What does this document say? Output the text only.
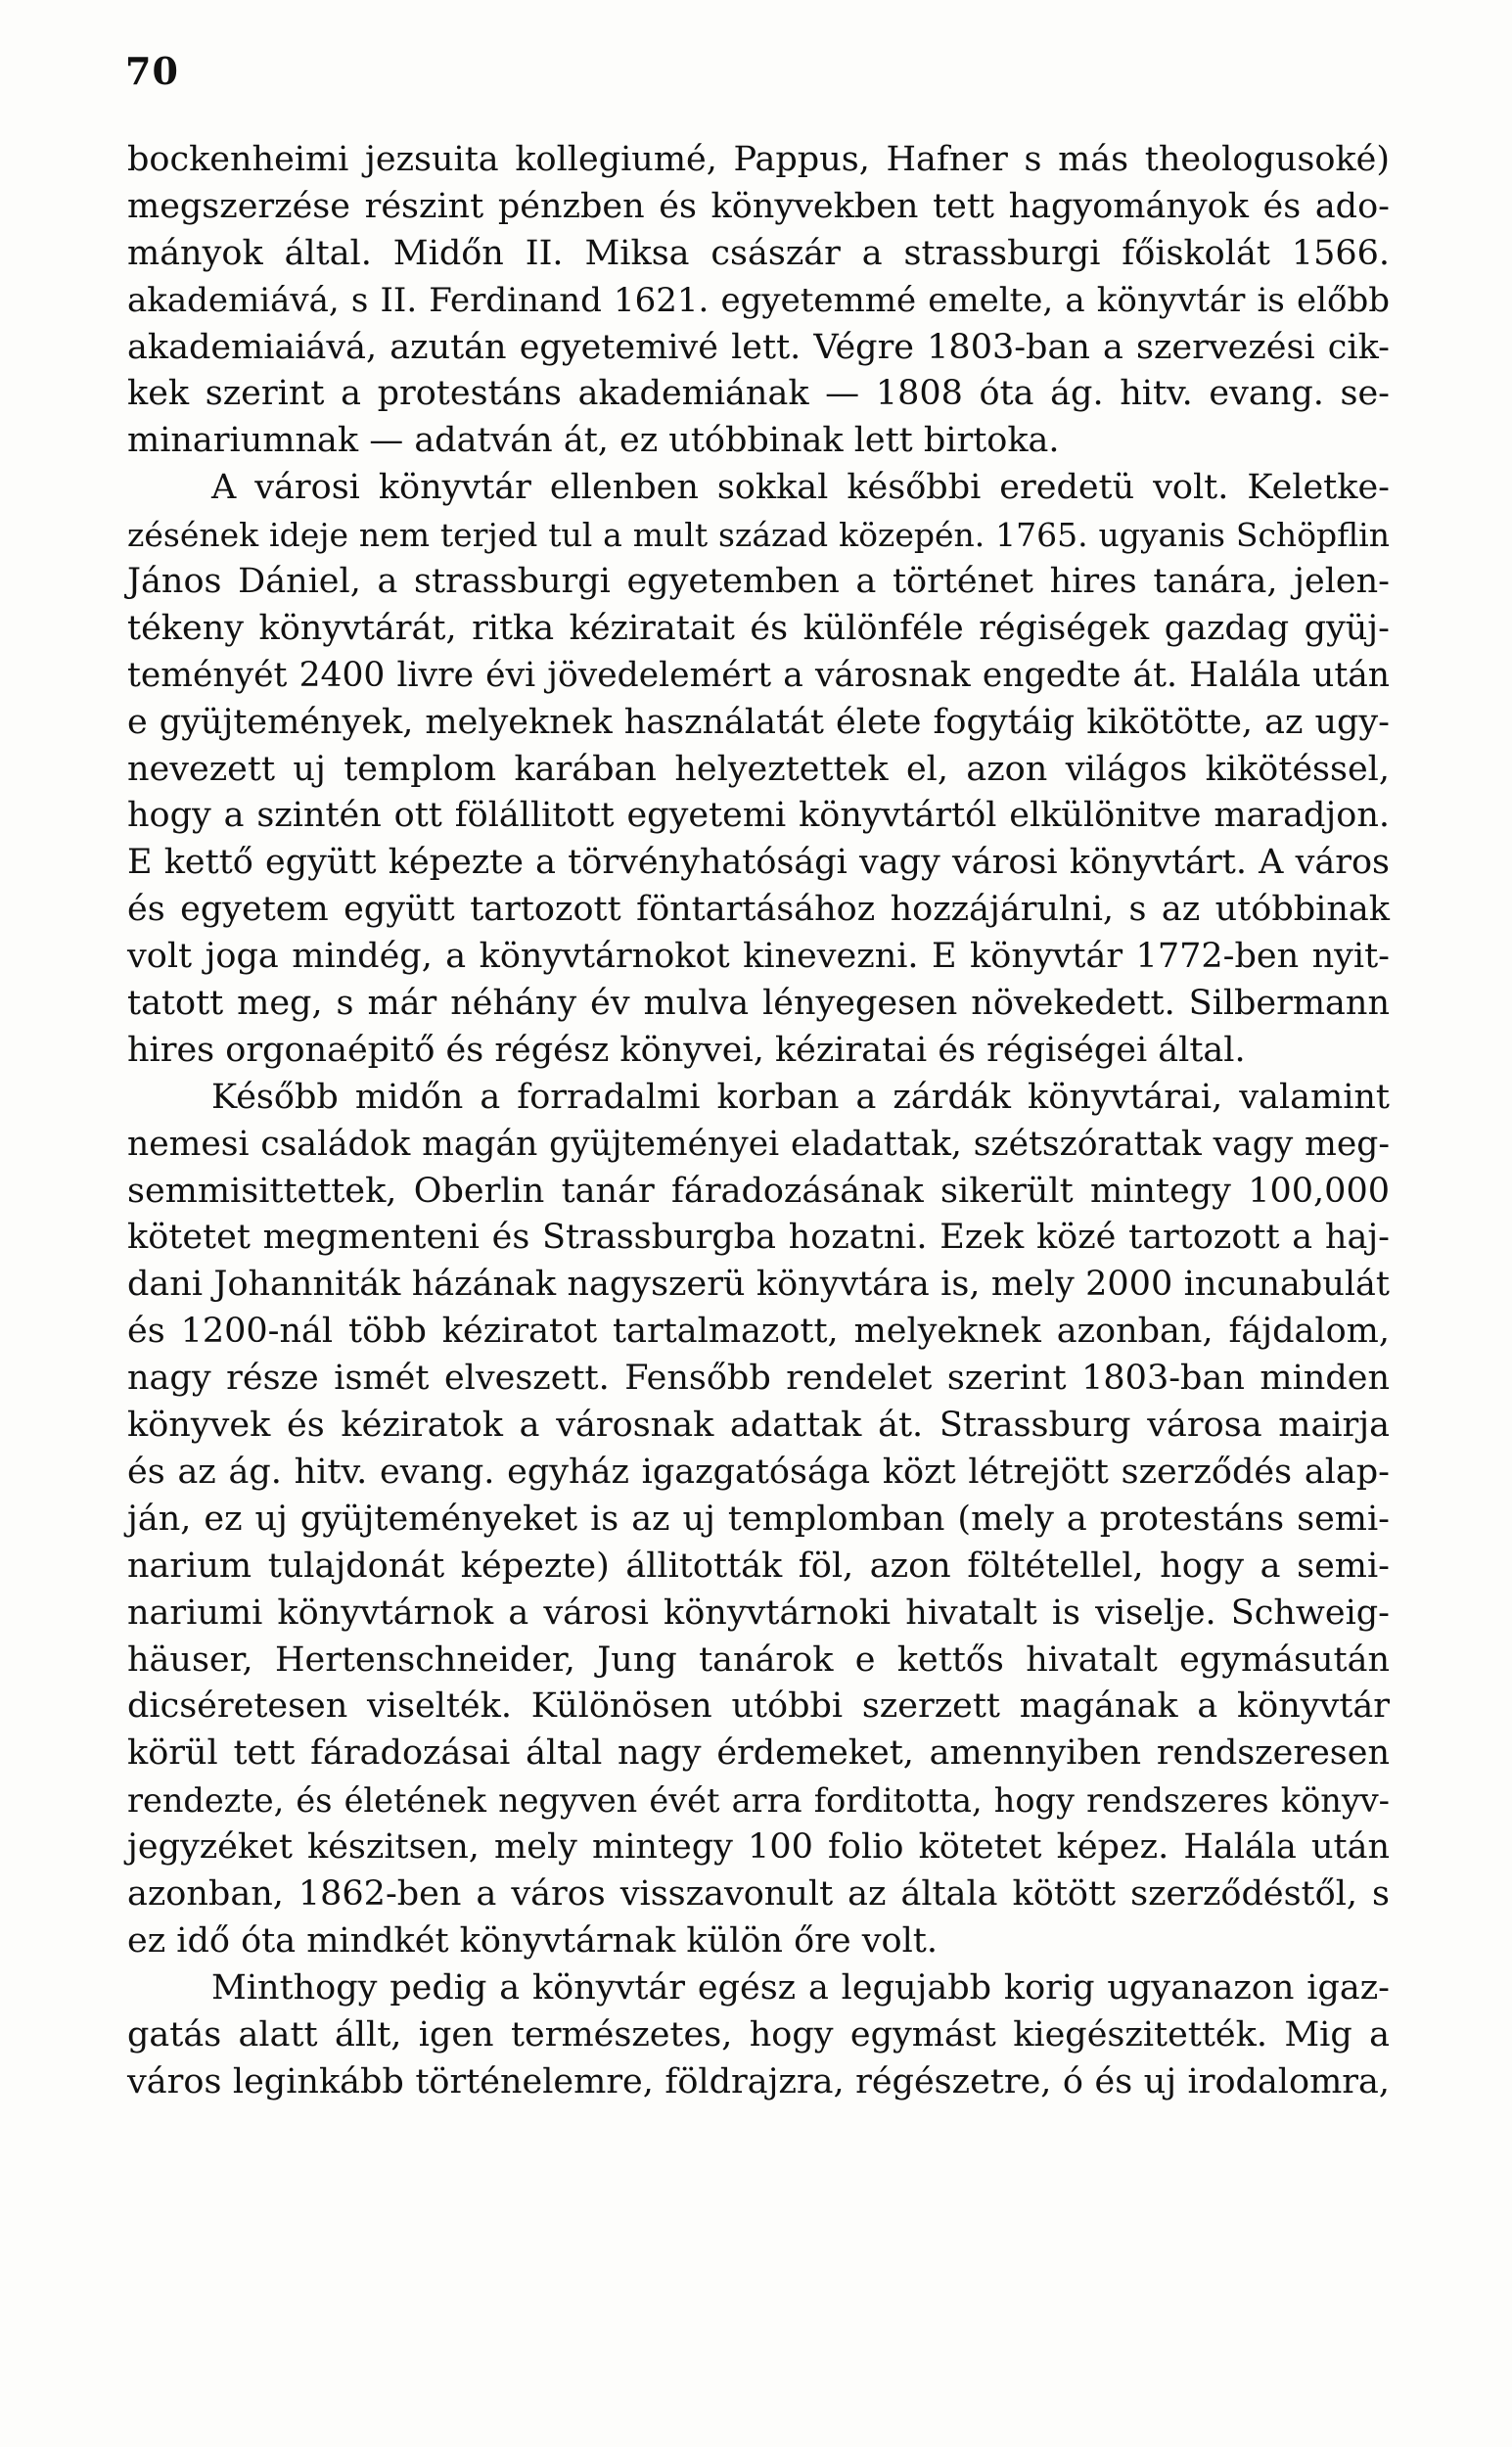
70
bockenheimi jezsuita kollegiumé, Pappus, Hafner s más theologusoké)
megszerzése részint pénzben és könyvekben tett hagyományok és ado-
mányok által. Midőn II. Miksa császár a strassburgi főiskolát 1566.
akademiává, s II. Ferdinand 1621. egyetemmé emelte, a könyvtár is előbb
akademiaiává, azután egyetemivé lett. Végre 1803-ban a szervezési cik-
kek szerint a protestáns akademiának — 1808 óta ág. hitv. evang. se-
minariumnak — adatván át, ez utóbbinak lett birtoka.
A városi könyvtár ellenben sokkal későbbi eredetü volt. Keletke-
zésének ideje nem terjed tul a mult század közepén. 1765. ugyanis Schöpflin
János Dániel, a strassburgi egyetemben a történet hires tanára, jelen-
tékeny könyvtárát, ritka kéziratait és különféle régiségek gazdag gyüj-
teményét 2400 livre évi jövedelemért a városnak engedte át. Halála után
e gyüjtemények, melyeknek használatát élete fogytáig kikötötte, az ugy-
nevezett uj templom karában helyeztettek el, azon világos kikötéssel,
hogy a szintén ott fölállitott egyetemi könyvtártól elkülönitve maradjon.
E kettő együtt képezte a törvényhatósági vagy városi könyvtárt. A város
és egyetem együtt tartozott föntartásához hozzájárulni, s az utóbbinak
volt joga mindég, a könyvtárnokot kinevezni. E könyvtár 1772-ben nyit-
tatott meg, s már néhány év mulva lényegesen növekedett. Silbermann
hires orgonaépitő és régész könyvei, kéziratai és régiségei által.
Később midőn a forradalmi korban a zárdák könyvtárai, valamint
nemesi családok magán gyüjteményei eladattak, szétszórattak vagy meg-
semmisittettek, Oberlin tanár fáradozásának sikerült mintegy 100,000
kötetet megmenteni és Strassburgba hozatni. Ezek közé tartozott a haj-
dani Johanniták házának nagyszerü könyvtára is, mely 2000 incunabulát
és 1200-nál több kéziratot tartalmazott, melyeknek azonban, fájdalom,
nagy része ismét elveszett. Fensőbb rendelet szerint 1803-ban minden
könyvek és kéziratok a városnak adattak át. Strassburg városa mairja
és az ág. hitv. evang. egyház igazgatósága közt létrejött szerződés alap-
ján, ez uj gyüjteményeket is az uj templomban (mely a protestáns semi-
narium tulajdonát képezte) állitották föl, azon föltétellel, hogy a semi-
nariumi könyvtárnok a városi könyvtárnoki hivatalt is viselje. Schweig-
häuser, Hertenschneider, Jung tanárok e kettős hivatalt egymásután
dicséretesen viselték. Különösen utóbbi szerzett magának a könyvtár
körül tett fáradozásai által nagy érdemeket, amennyiben rendszeresen
rendezte, és életének negyven évét arra forditotta, hogy rendszeres könyv-
jegyzéket készitsen, mely mintegy 100 folio kötetet képez. Halála után
azonban, 1862-ben a város visszavonult az általa kötött szerződéstől, s
ez idő óta mindkét könyvtárnak külön őre volt.
Minthogy pedig a könyvtár egész a legujabb korig ugyanazon igaz-
gatás alatt állt, igen természetes, hogy egymást kiegészitették. Mig a
város leginkább történelemre, földrajzra, régészetre, ó és uj irodalomra,
